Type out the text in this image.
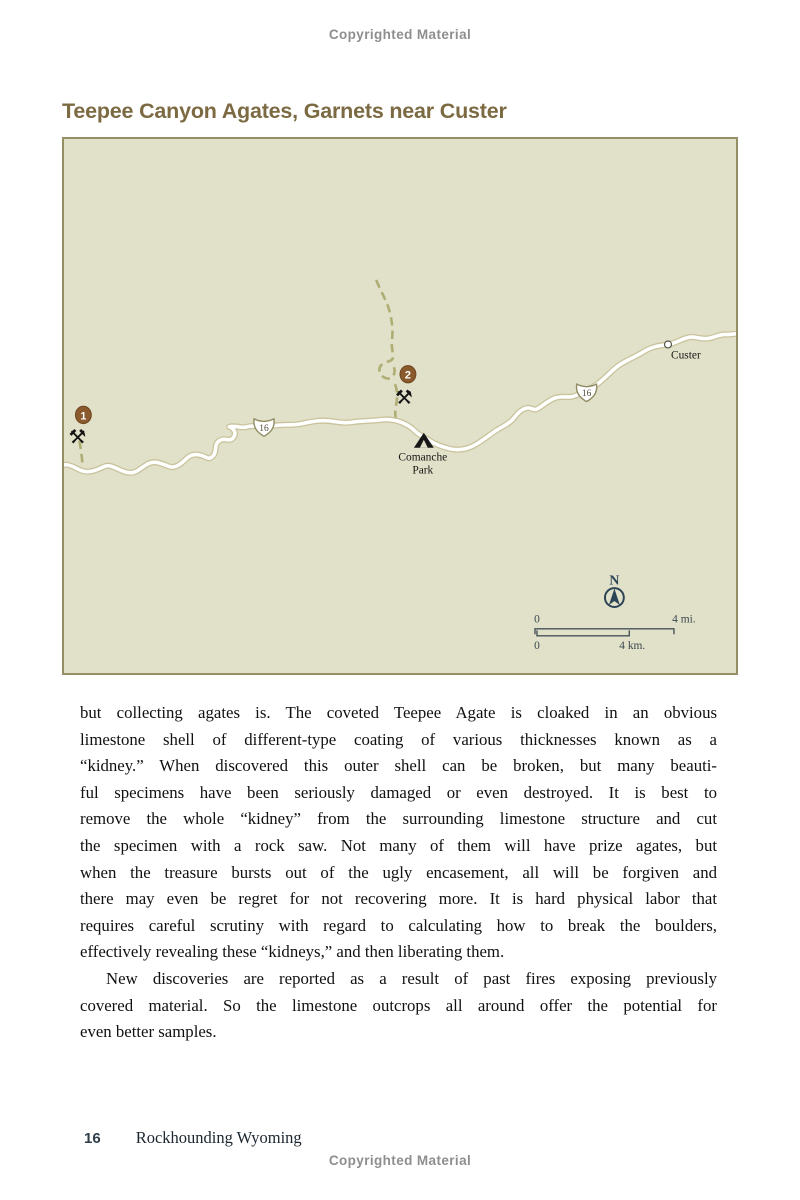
Copyrighted Material
Teepee Canyon Agates, Garnets near Custer
16
16
Custer
Comanche
Park
1
⚒
2
⚒
N
0	4 mi.
0	4 km.
but collecting agates is. The coveted Teepee Agate is cloaked in an obvious
limestone shell of different-type coating of various thicknesses known as a
“kidney.” When discovered this outer shell can be broken, but many beauti-
ful specimens have been seriously damaged or even destroyed. It is best to
remove the whole “kidney” from the surrounding limestone structure and cut
the specimen with a rock saw. Not many of them will have prize agates, but
when the treasure bursts out of the ugly encasement, all will be forgiven and
there may even be regret for not recovering more. It is hard physical labor that
requires careful scrutiny with regard to calculating how to break the boulders,
effectively revealing these “kidneys,” and then liberating them.
New discoveries are reported as a result of past fires exposing previously
covered material. So the limestone outcrops all around offer the potential for
even better samples.
16 Rockhounding Wyoming
Copyrighted Material
